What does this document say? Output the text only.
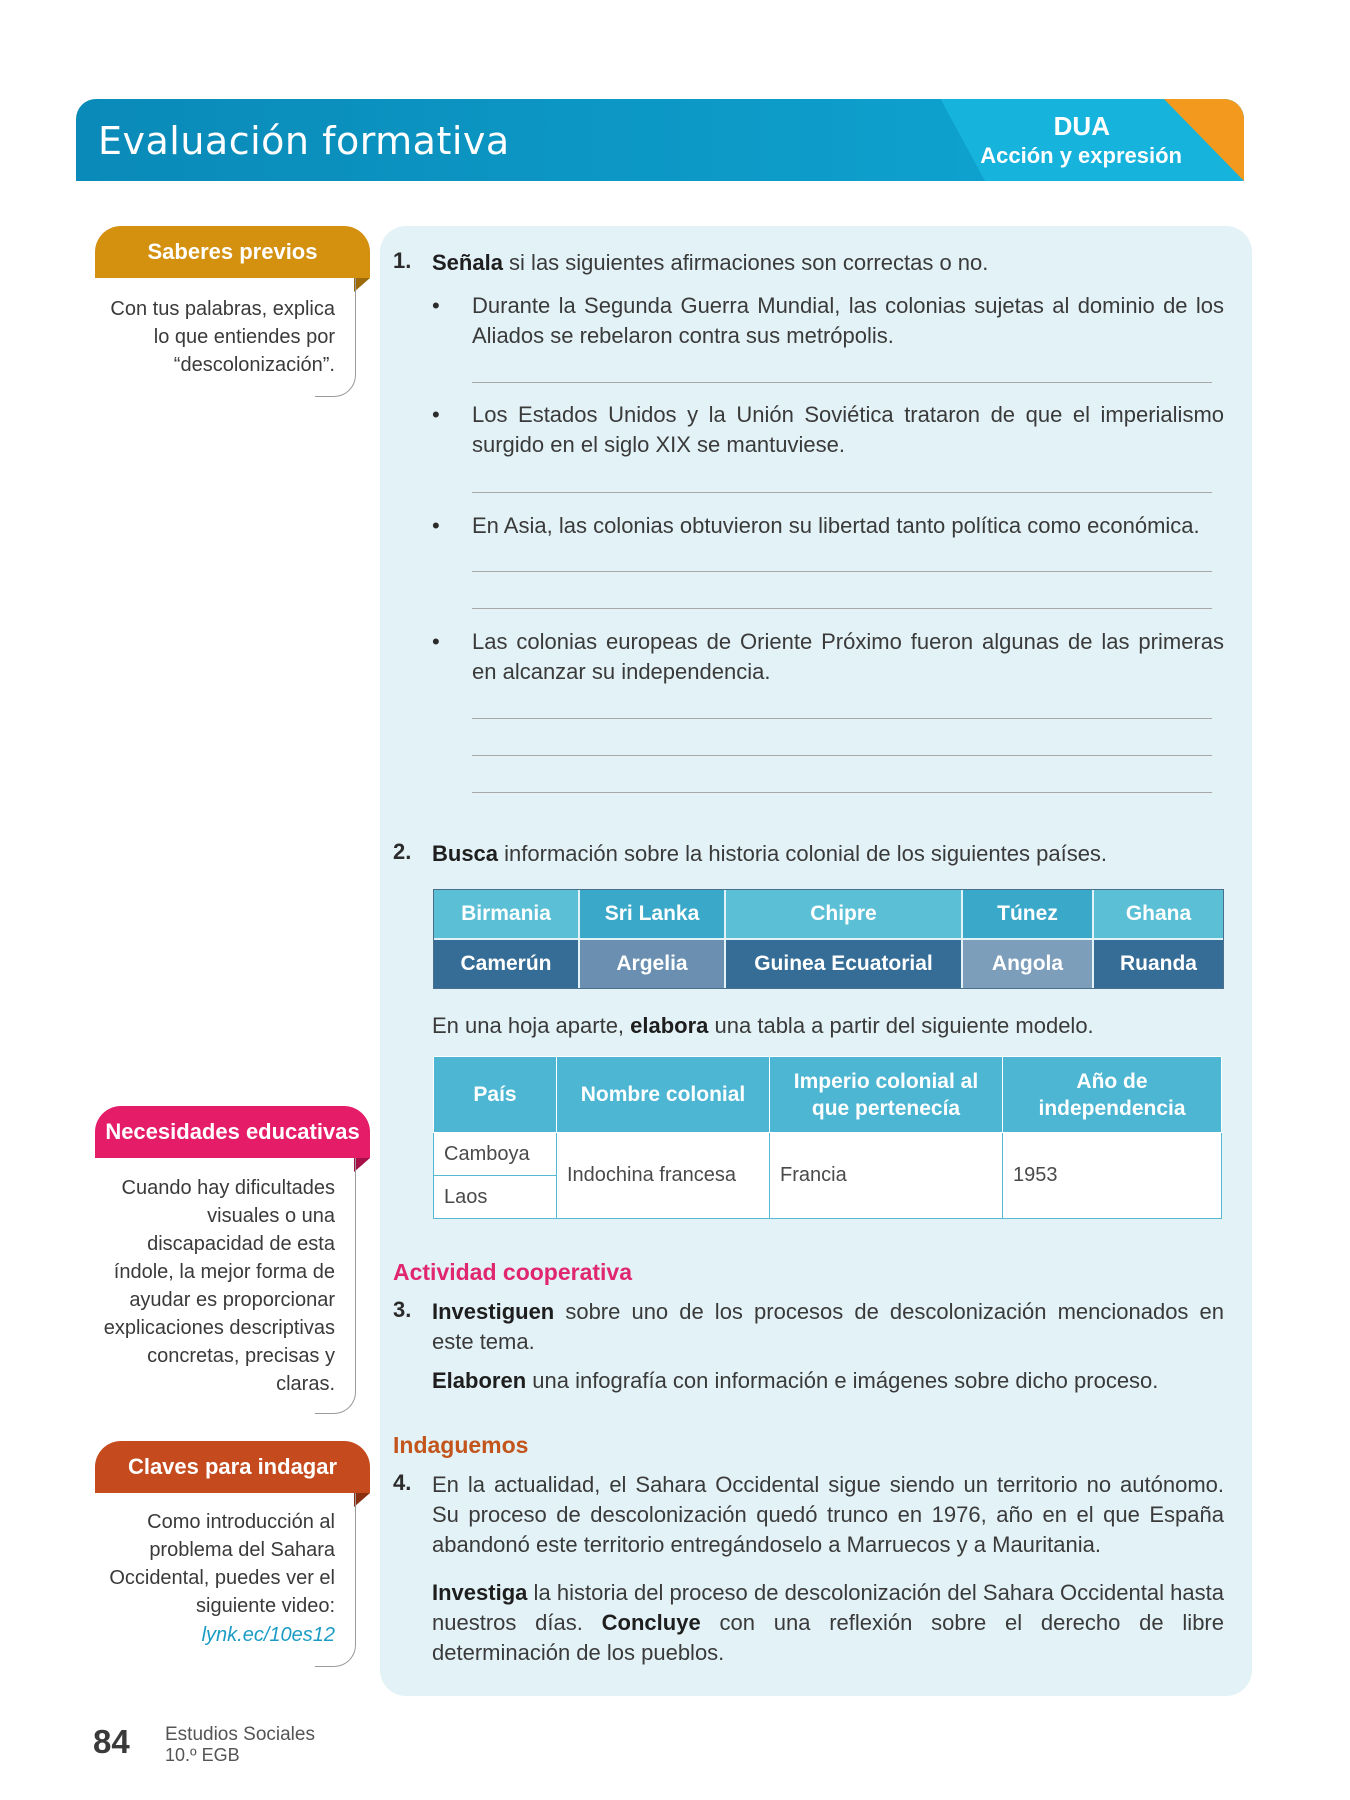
Evaluación formativa	DUA
Acción y expresión
Saberes previos
Con tus palabras, explica lo que entiendes por “descolonización”.
Necesidades educativas
Cuando hay dificultades visuales o una discapacidad de esta índole, la mejor forma de ayudar es proporcionar explicaciones descriptivas concretas, precisas y claras.
Claves para indagar
Como introducción al problema del Sahara Occidental, puedes ver el siguiente video:
lynk.ec/10es12
1. Señala si las siguientes afirmaciones son correctas o no.
• Durante la Segunda Guerra Mundial, las colonias sujetas al dominio de los Aliados se rebelaron contra sus metrópolis.
• Los Estados Unidos y la Unión Soviética trataron de que el imperialismo surgido en el siglo XIX se mantuviese.
• En Asia, las colonias obtuvieron su libertad tanto política como económica.
• Las colonias europeas de Oriente Próximo fueron algunas de las primeras en alcanzar su independencia.
2. Busca información sobre la historia colonial de los siguientes países.
Birmania	Sri Lanka	Chipre	Túnez	Ghana
Camerún	Argelia	Guinea Ecuatorial	Angola	Ruanda
En una hoja aparte, elabora una tabla a partir del siguiente modelo.
País	Nombre colonial	Imperio colonial al que pertenecía	Año de independencia
Camboya	Indochina francesa	Francia	1953
Laos			
Actividad cooperativa
3. Investiguen sobre uno de los procesos de descolonización mencionados en este tema.
Elaboren una infografía con información e imágenes sobre dicho proceso.
Indaguemos
4. En la actualidad, el Sahara Occidental sigue siendo un territorio no autónomo. Su proceso de descolonización quedó trunco en 1976, año en el que España abandonó este territorio entregándoselo a Marruecos y a Mauritania.
Investiga la historia del proceso de descolonización del Sahara Occidental hasta nuestros días. Concluye con una reflexión sobre el derecho de libre determinación de los pueblos.
84 Estudios Sociales
10.º EGB
